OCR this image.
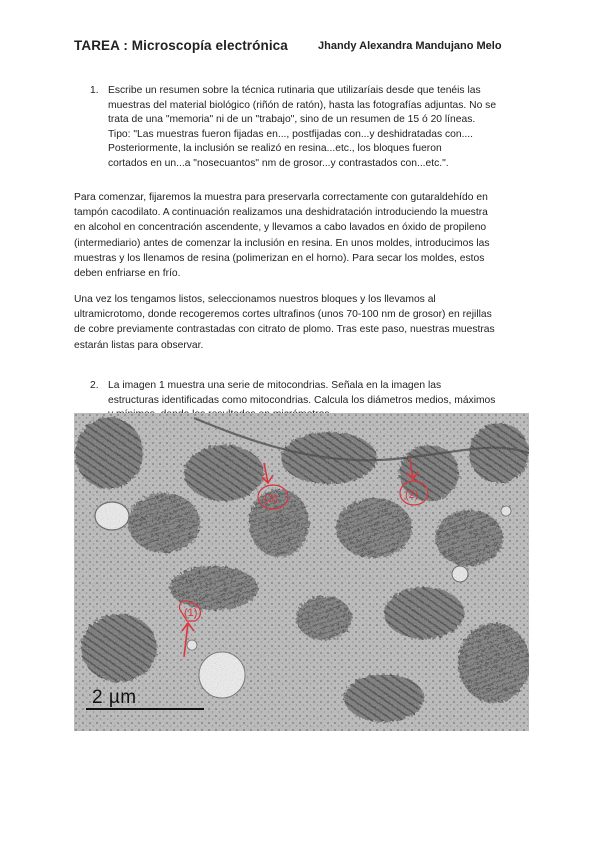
TAREA : Microscopía electrónica	Jhandy Alexandra Mandujano Melo
1. Escribe un resumen sobre la técnica rutinaria que utilizaríais desde que tenéis las

muestras del material biológico (riñón de ratón), hasta las fotografías adjuntas. No se

trata de una "memoria" ni de un "trabajo", sino de un resumen de 15 ó 20 líneas.

Tipo: "Las muestras fueron fijadas en..., postfijadas con...y deshidratadas con....

Posteriormente, la inclusión se realizó en resina...etc., los bloques fueron

cortados en un...a "nosecuantos" nm de grosor...y contrastados con...etc.".

Para comenzar, fijaremos la muestra para preservarla correctamente con gutaraldehído en

tampón cacodilato. A continuación realizamos una deshidratación introduciendo la muestra

en alcohol en concentración ascendente, y llevamos a cabo lavados en óxido de propileno

(intermediario) antes de comenzar la inclusión en resina. En unos moldes, introducimos las

muestras y los llenamos de resina (polimerizan en el horno). Para secar los moldes, estos

deben enfriarse en frío.

Una vez los tengamos listos, seleccionamos nuestros bloques y los llevamos al

ultramicrotomo, donde recogeremos cortes ultrafinos (unos 70-100 nm de grosor) en rejillas

de cobre previamente contrastadas con citrato de plomo. Tras este paso, nuestras muestras

estarán listas para observar.

2. La imagen 1 muestra una serie de mitocondrias. Señala en la imagen las

estructuras identificadas como mitocondrias. Calcula los diámetros medios, máximos

(1)
(2)
(3)
2 µm
